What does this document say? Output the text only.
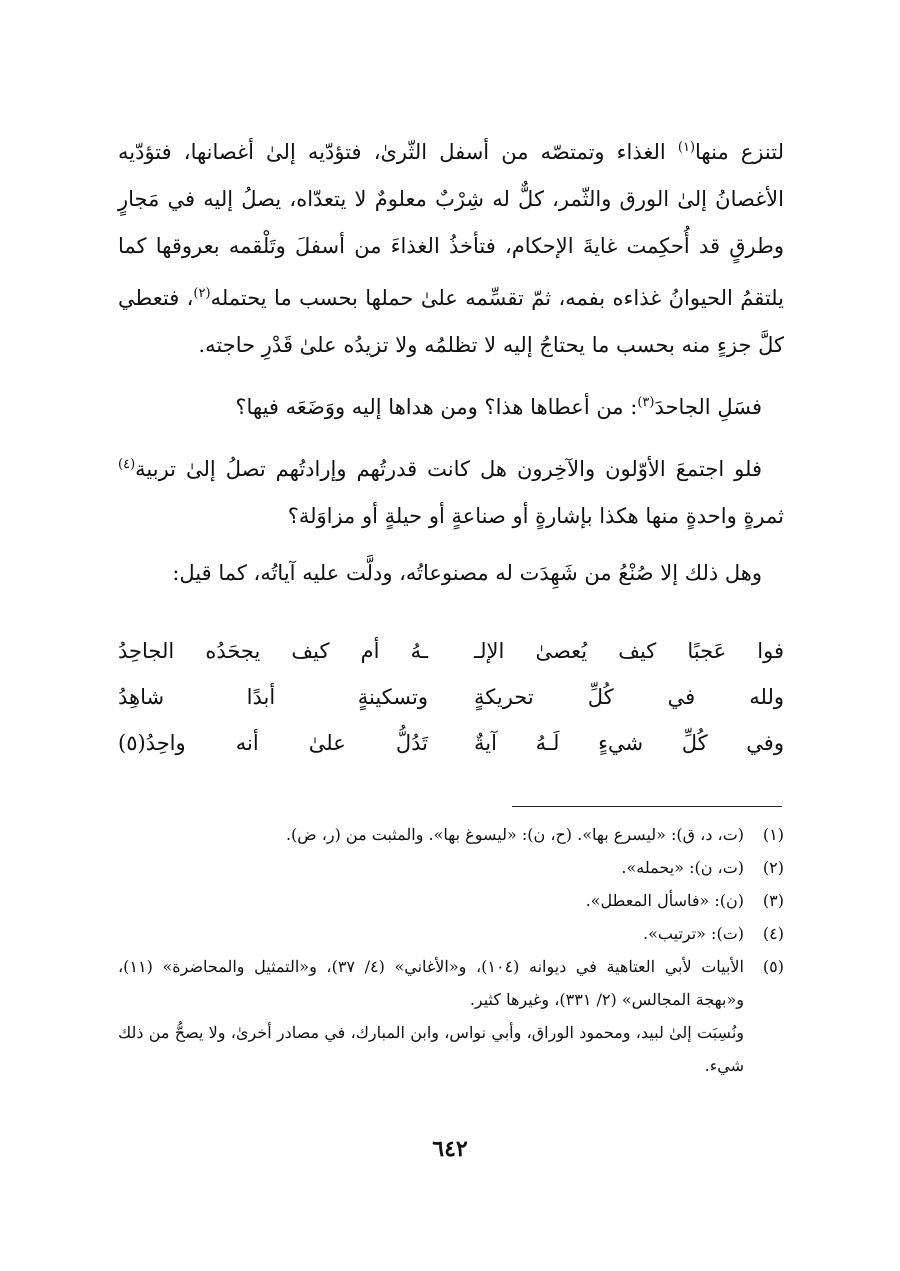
لتنزع منها$^{(١)}$ الغذاء وتمتصّه من أسفل الثّرىٰ، فتؤدّيه إلىٰ أغصانها، فتؤدّيه الأغصانُ إلىٰ الورق والثّمر، كلٌّ له شِرْبٌ معلومٌ لا يتعدّاه، يصلُ إليه في مَجارٍ وطرقٍ قد أُحكِمت غايةَ الإحكام، فتأخذُ الغذاءَ من أسفلَ وتَلْقمه بعروقها كما يلتقمُ الحيوانُ غذاءه بفمه، ثمّ تقسِّمه علىٰ حملها بحسب ما يحتمله$^{(٢)}$، فتعطي كلَّ جزءٍ منه بحسب ما يحتاجُ إليه لا تظلمُه ولا تزيدُه علىٰ قَدْرِ حاجته.

فسَلِ الجاحدَ$^{(٣)}$: من أعطاها هذا؟ ومن هداها إليه ووَضَعَه فيها؟

فلو اجتمعَ الأوّلون والآخِرون هل كانت قدرتُهم وإرادتُهم تصلُ إلىٰ تربية$^{(٤)}$ ثمرةٍ واحدةٍ منها هكذا بإشارةٍ أو صناعةٍ أو حيلةٍ أو مزاوَلة؟

وهل ذلك إلا صُنْعُ من شَهِدَت له مصنوعاتُه، ودلَّت عليه آياتُه، كما قيل:

فوا عَجبًا كيف يُعصىٰ الإلـ
ـهُ أم كيف يجحَدُه الجاحِدُ
ولله في كُلِّ تحريكةٍ
وتسكينةٍ أبدًا شاهِدُ
وفي كُلِّ شيءٍ لَـهُ آيةٌ
تَدُلُّ علىٰ أنه واحِدُ(٥)
(١)
(ت، د، ق): «ليسرع بها». (ح، ن): «ليسوغ بها». والمثبت من (ر، ض).
(٢)
(ت، ن): «يحمله».
(٣)
(ن): «فاسأل المعطل».
(٤)
(ت): «ترتيب».
(٥)
الأبيات لأبي العتاهية في ديوانه (١٠٤)، و«الأغاني» (٤/ ٣٧)، و«التمثيل والمحاضرة» (١١)، و«بهجة المجالس» (٢/ ٣٣١)، وغيرها كثير.
ونُسِبَت إلىٰ لبيد، ومحمود الوراق، وأبي نواس، وابن المبارك، في مصادر أخرىٰ، ولا يصحُّ من ذلك شيء.
٦٤٢
